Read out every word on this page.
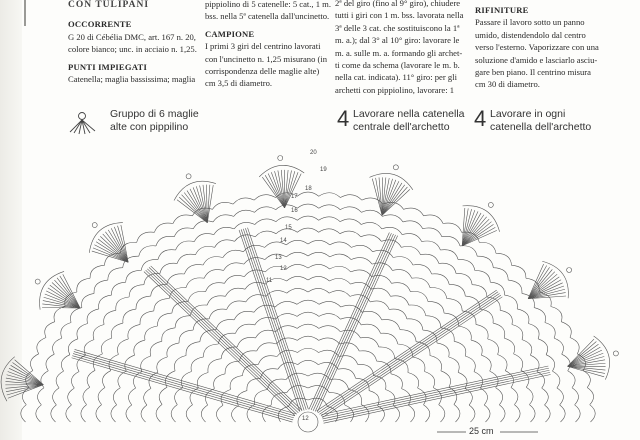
CON TULIPANI

OCCORRENTE

G 20 di Cébélia DMC, art. 167 n. 20,

colore bianco; unc. in acciaio n. 1,25.

PUNTI IMPIEGATI

Catenella; maglia bassissima; maglia

pippiolino di 5 catenelle: 5 cat., 1 m.

bss. nella 5ª catenella dall'uncinetto.

CAMPIONE

I primi 3 giri del centrino lavorati

con l'uncinetto n. 1,25 misurano (in

corrispondenza delle maglie alte)

cm 3,5 di diametro.

2ª del giro (fino al 9° giro), chiudere

tutti i giri con 1 m. bss. lavorata nella

3ª delle 3 cat. che sostituiscono la 1ª

m. a.); dal 3° al 10° giro: lavorare le

m. a. sulle m. a. formando gli archet-

ti come da schema (lavorare le m. b.

nella cat. indicata). 11° giro: per gli

archetti con pippiolino, lavorare: 1

RIFINITURE

Passare il lavoro sotto un panno

umido, distendendolo dal centro

verso l'esterno. Vaporizzare con una

soluzione d'amido e lasciarlo asciu-

gare ben piano. Il centrino misura

cm 30 di diametro.

Gruppo di 6 maglie
alte con pippilino	4 Lavorare nella catenella
centrale dell'archetto	4 Lavorare in ogni
catenella dell'archetto
20
19
18
17
16
15
14
13
12
11
12
25 cm
